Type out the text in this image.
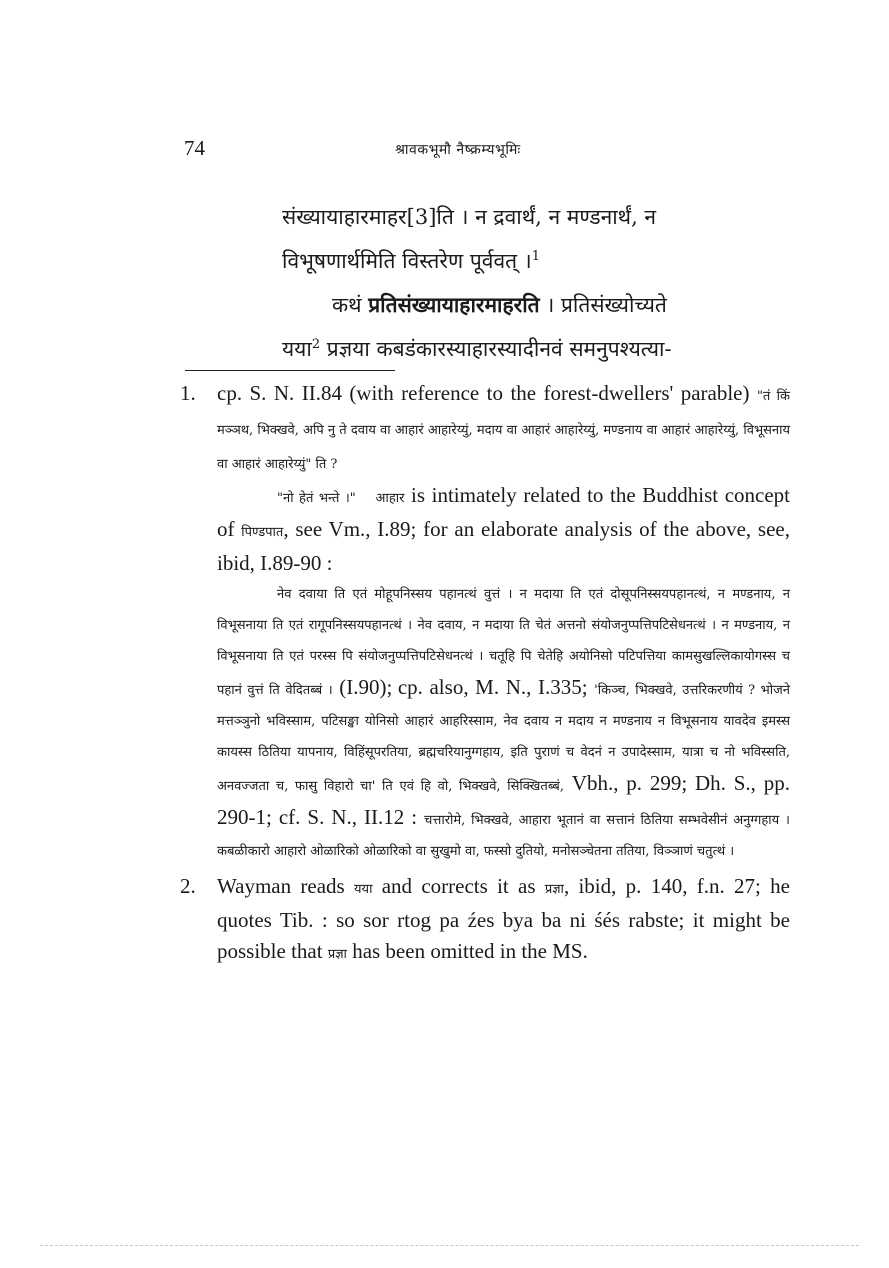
74	श्रावकभूमौ नैष्क्रम्यभूमिः
संख्यायाहारमाहर[3]ति । न द्रवार्थं, न मण्डनार्थं, न
विभूषणार्थमिति विस्तरेण पूर्ववत् ।$^1$
कथं प्रतिसंख्यायाहारमाहरति । प्रतिसंख्योच्यते
यया$^2$ प्रज्ञया कबडंकारस्याहारस्यादीनवं समनुपश्यत्या-
1. cp. S. N. II.84 (with reference to the forest-dwellers' parable) "तं किं मञ्ञथ, भिक्खवे, अपि नु ते दवाय वा आहारं आहारेय्युं, मदाय वा आहारं आहारेय्युं, मण्डनाय वा आहारं आहारेय्युं, विभूसनाय वा आहारं आहारेय्युं" ति ?

"नो हेतं भन्ते ।" आहार is intimately related to the Buddhist concept of पिण्डपात, see Vm., I.89; for an elaborate analysis of the above, see, ibid, I.89-90 :

नेव दवाया ति एतं मोहूपनिस्सय पहानत्थं वुत्तं । न मदाया ति एतं दोसूपनिस्सयपहानत्थं, न मण्डनाय, न विभूसनाया ति एतं रागूपनिस्सयपहानत्थं । नेव दवाय, न मदाया ति चेतं अत्तनो संयोजनुप्पत्तिपटिसेधनत्थं । न मण्डनाय, न विभूसनाया ति एतं परस्स पि संयोजनुप्पत्तिपटिसेधनत्थं । चतूहि पि चेतेहि अयोनिसो पटिपत्तिया कामसुखल्लिकायोगस्स च पहानं वुत्तं ति वेदितब्बं । (I.90); cp. also, M. N., I.335; 'किञ्च, भिक्खवे, उत्तरिकरणीयं ? भोजने मत्तञ्ञुनो भविस्साम, पटिसङ्खा योनिसो आहारं आहरिस्साम, नेव दवाय न मदाय न मण्डनाय न विभूसनाय यावदेव इमस्स कायस्स ठितिया यापनाय, विहिंसूपरतिया, ब्रह्मचरियानुग्गहाय, इति पुराणं च वेदनं न उपादेस्साम, यात्रा च नो भविस्सति, अनवज्जता च, फासु विहारो चा' ति एवं हि वो, भिक्खवे, सिक्खितब्बं, Vbh., p. 299; Dh. S., pp. 290-1; cf. S. N., II.12 : चत्तारोमे, भिक्खवे, आहारा भूतानं वा सत्तानं ठितिया सम्भवेसीनं अनुग्गहाय । कबळीकारो आहारो ओळारिको ओळारिको वा सुखुमो वा, फस्सो दुतियो, मनोसञ्चेतना ततिया, विञ्ञाणं चतुत्थं ।

2. Wayman reads यया and corrects it as प्रज्ञा, ibid, p. 140, f.n. 27; he quotes Tib. : so sor rtog pa źes bya ba ni śés rabste; it might be possible that प्रज्ञा has been omitted in the MS.
